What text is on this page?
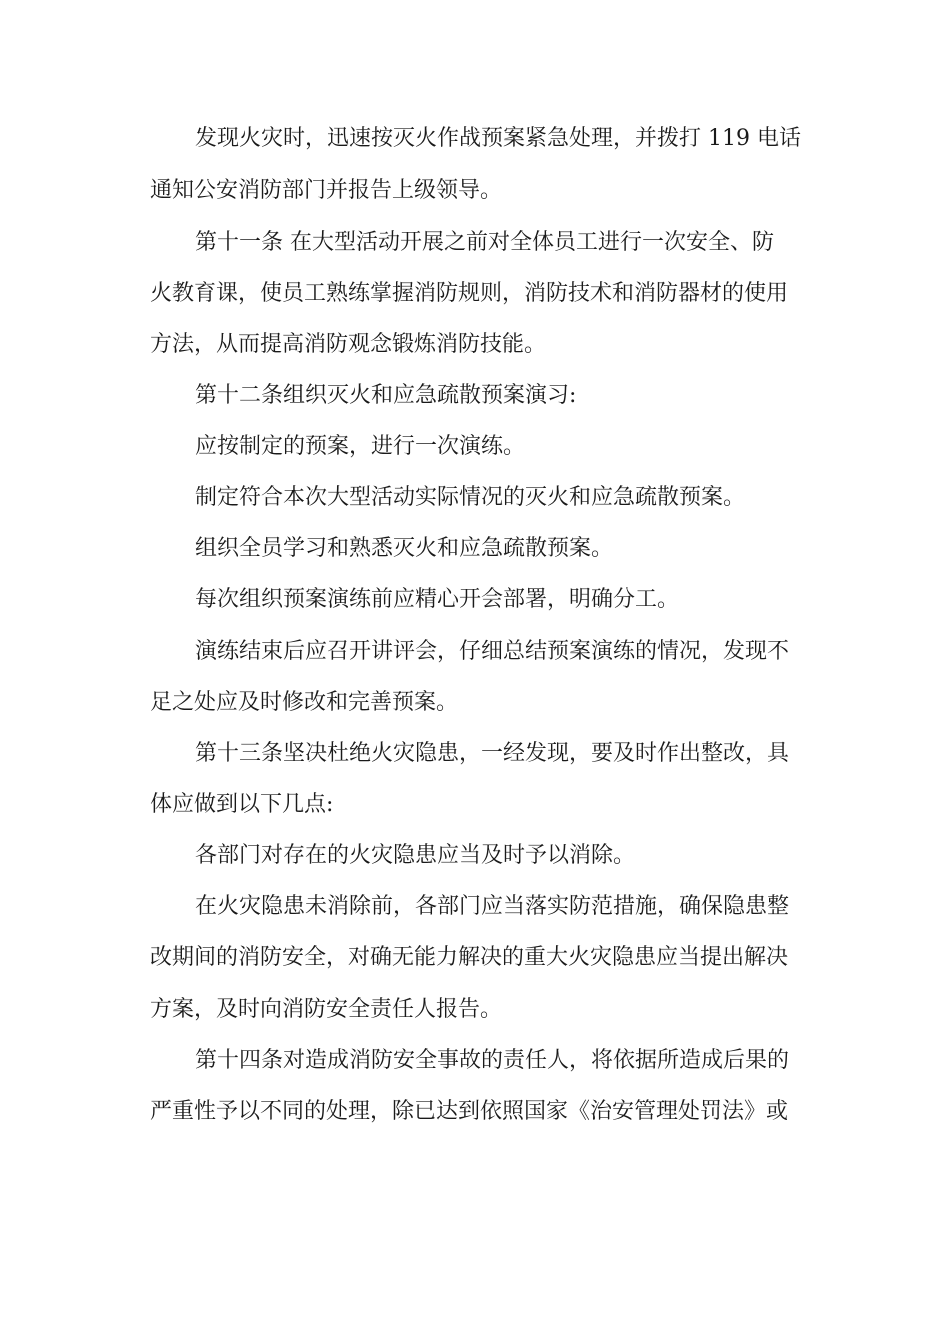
发现火灾时，迅速按灭火作战预案紧急处理，并拨打 119 电话
通知公安消防部门并报告上级领导。
第十一条 在大型活动开展之前对全体员工进行一次安全、防
火教育课，使员工熟练掌握消防规则，消防技术和消防器材的使用
方法，从而提高消防观念锻炼消防技能。
第十二条组织灭火和应急疏散预案演习:
应按制定的预案，进行一次演练。
制定符合本次大型活动实际情况的灭火和应急疏散预案。
组织全员学习和熟悉灭火和应急疏散预案。
每次组织预案演练前应精心开会部署，明确分工。
演练结束后应召开讲评会，仔细总结预案演练的情况，发现不
足之处应及时修改和完善预案。
第十三条坚决杜绝火灾隐患，一经发现，要及时作出整改，具
体应做到以下几点:
各部门对存在的火灾隐患应当及时予以消除。
在火灾隐患未消除前，各部门应当落实防范措施，确保隐患整
改期间的消防安全，对确无能力解决的重大火灾隐患应当提出解决
方案，及时向消防安全责任人报告。
第十四条对造成消防安全事故的责任人，将依据所造成后果的
严重性予以不同的处理，除已达到依照国家《治安管理处罚法》或
